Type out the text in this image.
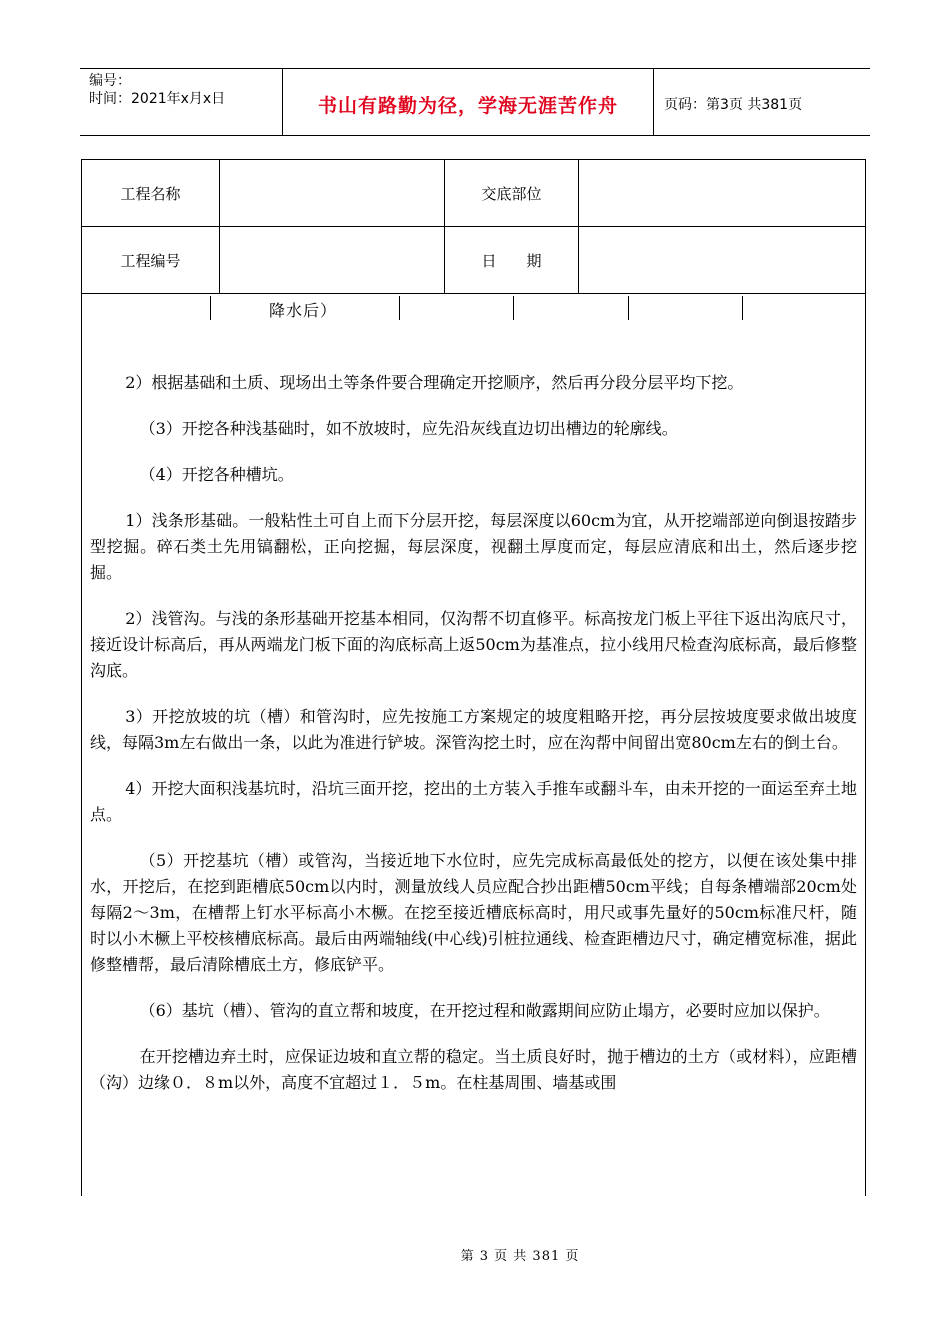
编号：
时间：2021年x月x日	书山有路勤为径，学海无涯苦作舟	页码：第3页 共381页
工程名称		交底部位	
工程编号		日　　期	
降水后）

2）根据基础和土质、现场出土等条件要合理确定开挖顺序，然后再分段分层平均下挖。

（3）开挖各种浅基础时，如不放坡时，应先沿灰线直边切出槽边的轮廓线。

（4）开挖各种槽坑。

1）浅条形基础。一般粘性土可自上而下分层开挖，每层深度以60cm为宜，从开挖端部逆向倒退按踏步型挖掘。碎石类土先用镐翻松，正向挖掘，每层深度，视翻土厚度而定，每层应清底和出土，然后逐步挖掘。

2）浅管沟。与浅的条形基础开挖基本相同，仅沟帮不切直修平。标高按龙门板上平往下返出沟底尺寸，接近设计标高后，再从两端龙门板下面的沟底标高上返50cm为基准点，拉小线用尺检查沟底标高，最后修整沟底。

3）开挖放坡的坑（槽）和管沟时，应先按施工方案规定的坡度粗略开挖，再分层按坡度要求做出坡度线，每隔3m左右做出一条，以此为准进行铲坡。深管沟挖土时，应在沟帮中间留出宽80cm左右的倒土台。

4）开挖大面积浅基坑时，沿坑三面开挖，挖出的土方装入手推车或翻斗车，由未开挖的一面运至弃土地点。

（5）开挖基坑（槽）或管沟，当接近地下水位时，应先完成标高最低处的挖方，以便在该处集中排水，开挖后，在挖到距槽底50cm以内时，测量放线人员应配合抄出距槽50cm平线；自每条槽端部20cm处每隔2～3m，在槽帮上钉水平标高小木橛。在挖至接近槽底标高时，用尺或事先量好的50cm标准尺杆，随时以小木橛上平校核槽底标高。最后由两端轴线(中心线)引桩拉通线、检查距槽边尺寸，确定槽宽标准，据此修整槽帮，最后清除槽底土方，修底铲平。

（6）基坑（槽）、管沟的直立帮和坡度，在开挖过程和敞露期间应防止塌方，必要时应加以保护。

在开挖槽边弃土时，应保证边坡和直立帮的稳定。当土质良好时，抛于槽边的土方（或材料），应距槽（沟）边缘０．８m以外，高度不宜超过１．５m。在柱基周围、墙基或围

第 3 页 共 381 页
